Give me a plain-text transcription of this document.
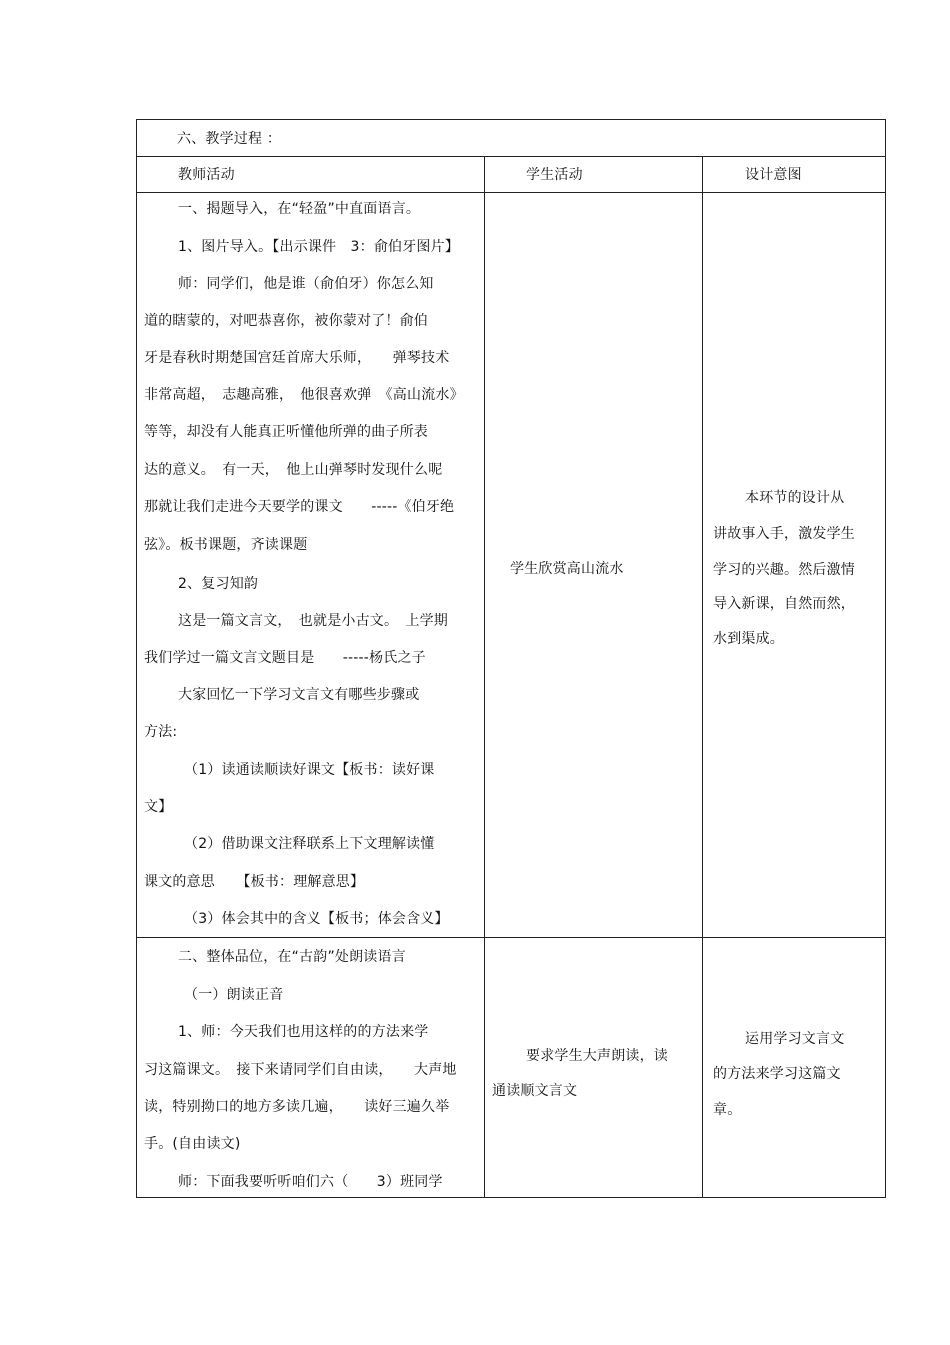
六、教学过程 ：
教师活动	学生活动	设计意图
一、揭题导入，在“轻盈”中直面语言。
1、图片导入。【出示课件　3：俞伯牙图片】
师：同学们，他是谁（俞伯牙）你怎么知
道的瞎蒙的，对吧恭喜你，被你蒙对了！俞伯
牙是春秋时期楚国宫廷首席大乐师，　　弹琴技术
非常高超，　志趣高雅，　他很喜欢弹　《高山流水》
等等，却没有人能真正听懂他所弹的曲子所表
达的意义。　有一天，　他上山弹琴时发现什么呢
那就让我们走进今天要学的课文　　-----《伯牙绝
弦》。板书课题，齐读课题
2、复习知韵
这是一篇文言文，　也就是小古文。　上学期
我们学过一篇文言文题目是　　-----杨氏之子
大家回忆一下学习文言文有哪些步骤或
方法:
（1）读通读顺读好课文【板书：读好课
文】
（2）借助课文注释联系上下文理解读懂
课文的意思　　【板书：理解意思】
（3）体会其中的含义【板书；体会含义】
学生欣赏高山流水
本环节的设计从
讲故事入手，激发学生
学习的兴趣。然后激情
导入新课，自然而然，
水到渠成。
二、整体品位，在“古韵”处朗读语言
（一）朗读正音
1、师：今天我们也用这样的的方法来学
习这篇课文。　接下来请同学们自由读，　　大声地
读，特别拗口的地方多读几遍，　　读好三遍久举
手。(自由读文)
师：下面我要听听咱们六（　　3）班同学
要求学生大声朗读，读
通读顺文言文
运用学习文言文
的方法来学习这篇文
章。
